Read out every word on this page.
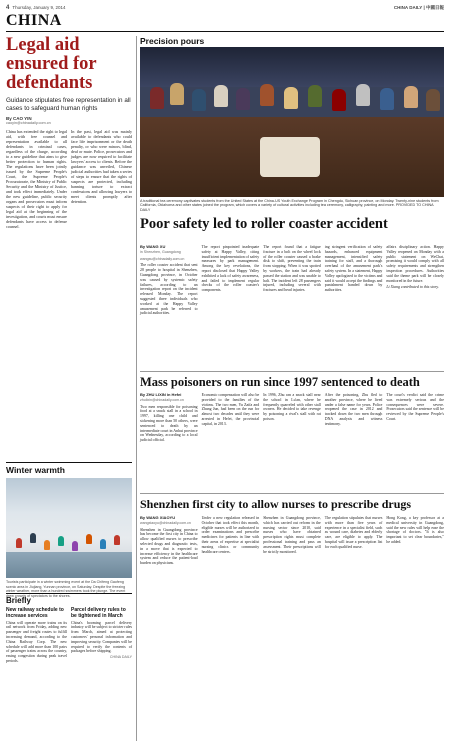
4 Thursday, January 9, 2014	CHINA DAILY | 中國日報
CHINA
Legal aid ensured for defendants
Guidance stipulates free representation in all cases to safeguard human rights
By CAO YIN
caoyin@chinadaily.com.cn
China has extended the right to legal aid, with free counsel and representation available to all defendants in criminal cases, regardless of the charge, according to a new guideline that aims to give better protection to human rights. The regulations have been jointly issued by the Supreme People's Court, the Supreme People's Procuratorate, the Ministry of Public Security and the Ministry of Justice, and took effect immediately. Under the new guideline, public security organs and prosecutors must inform suspects of their right to apply for legal aid at the beginning of the investigation, and courts must ensure defendants have access to defense counsel.
In the past, legal aid was mainly available to defendants who could face life imprisonment or the death penalty, or who were minors, blind, deaf or mute. Police, prosecutors and judges are now required to facilitate lawyers' access to clients. Before the guidance was unveiled, Chinese judicial authorities had taken a series of steps to ensure that the rights of suspects are protected, including banning torture to extract confessions and allowing lawyers to meet clients promptly after detention.
Winter warmth
Tourists participate in a winter swimming event at the Da Chifeng Gaofeng scenic area in Jiujiang, Yunnan province, on Saturday. Despite the freezing winter weather, more than a hundred swimmers took the plunge. The event drew crowds of spectators to the shores.
Briefly
New railway schedule to increase services

China will operate more trains on its rail network from Friday, adding new passenger and freight routes to fulfill increasing demand, according to the China Railway Corp. The new schedule will add more than 100 pairs of passenger trains across the country, easing congestion during peak travel periods.

Parcel delivery rules to be tightened in March

China's booming parcel delivery industry will be subject to stricter rules from March, aimed at protecting customers' personal information and improving security. Companies will be required to verify the contents of packages before shipping.

CHINA DAILY
Precision pours
A traditional tea ceremony captivates students from the United States at the China-US Youth Exchange Program in Chengdu, Sichuan province, on Monday. Twenty-nine students from California, Oklahoma and other states joined the program, which covers a variety of cultural activities including tea ceremony, calligraphy, painting and more. PROVIDED TO CHINA DAILY
Poor safety led to roller coaster accident
By WANG XU
in Shenzhen, Guangdong
wangxu@chinadaily.com.cn
The roller coaster accident that sent 28 people to hospital in Shenzhen, Guangdong province, in October was caused by systemic safety failures, according to an investigation report on the incident released Monday. The report suggested three individuals who worked at the Happy Valley amusement park be referred to judicial authorities.
The report pinpointed inadequate safety at Happy Valley, citing insufficient implementation of safety measures by park management. Among the key revelations, the report disclosed that Happy Valley exhibited a lack of safety awareness, and failed to implement regular checks of the roller coaster's components.
The report found that a fatigue fracture in a bolt on the wheel lock of the roller coaster caused a brake disk to shift, preventing the train from stopping. When it was spotted by workers, the train had already passed the station and was unable to halt. The incident left 28 passengers injured, including several with fractures and head injuries.
ing stringent verification of safety hazards, enhanced equipment management, intensified safety training for staff, and a thorough overhaul of the amusement park's safety system. In a statement, Happy Valley apologized to the victims and said it would accept the findings and punishment handed down by authorities.
affairs disciplinary action. Happy Valley reopened on Monday with a public statement on WeChat, promising it would comply with all safety requirements and strengthen inspection procedures. Authorities said the theme park will be closely monitored in the future.
Li Xiang contributed to this story.
Mass poisoners on run since 1997 sentenced to death
By ZHU LIXIN in Hefei
zhulixin@chinadaily.com.cn
Two men responsible for poisoning food at a snack stall in a school in 1997, killing one child and sickening more than 50 others, were sentenced to death by an intermediate court in Anhui province on Wednesday, according to a local judicial official.
Economic compensation will also be provided to the families of the victims. The two men, Yu Zaifa and Zhang Jun, had been on the run for almost two decades until they were arrested in Hefei, the provincial capital, in 2013.
In 1996, Zhu ran a snack stall near the school in Lu'an, where he frequently quarreled with other stall owners. He decided to take revenge by poisoning a rival's stall with rat poison.
After the poisoning, Zhu fled to another province, where he lived under a false name for years. Police reopened the case in 2012 and tracked down the two men through DNA analysis and witness testimony.
The court's verdict said the crime was extremely serious and the consequences were severe. Prosecutors said the sentence will be reviewed by the Supreme People's Court.
Shenzhen first city to allow nurses to prescribe drugs
By WANG XIAOYU
wangxiaoyu@chinadaily.com.cn
Shenzhen in Guangdong province has become the first city in China to allow qualified nurses to prescribe selected drugs and diagnostic tests, in a move that is expected to increase efficiency in the healthcare system and reduce the patient-load burden on physicians.
Under a new regulation released in October that took effect this month, eligible nurses will be authorized to order examinations and prescribe medicines for patients in line with their areas of expertise at specialist nursing clinics or community healthcare centers.
Shenzhen in Guangdong province, which has carried out reform in the nursing sector since 2010, said nurses who have obtained prescription rights must complete professional training and pass an assessment. Their prescriptions will be strictly monitored.
The regulation stipulates that nurses with more than five years of experience in a specialist field, such as wound care, diabetes and elderly care, are eligible to apply. The hospital will issue a prescription list for each qualified nurse.
Hong Kong, a key professor at a medical university in Guangdong, said the new rules will help ease the shortage of doctors. "It is also important to set clear boundaries," he added.
